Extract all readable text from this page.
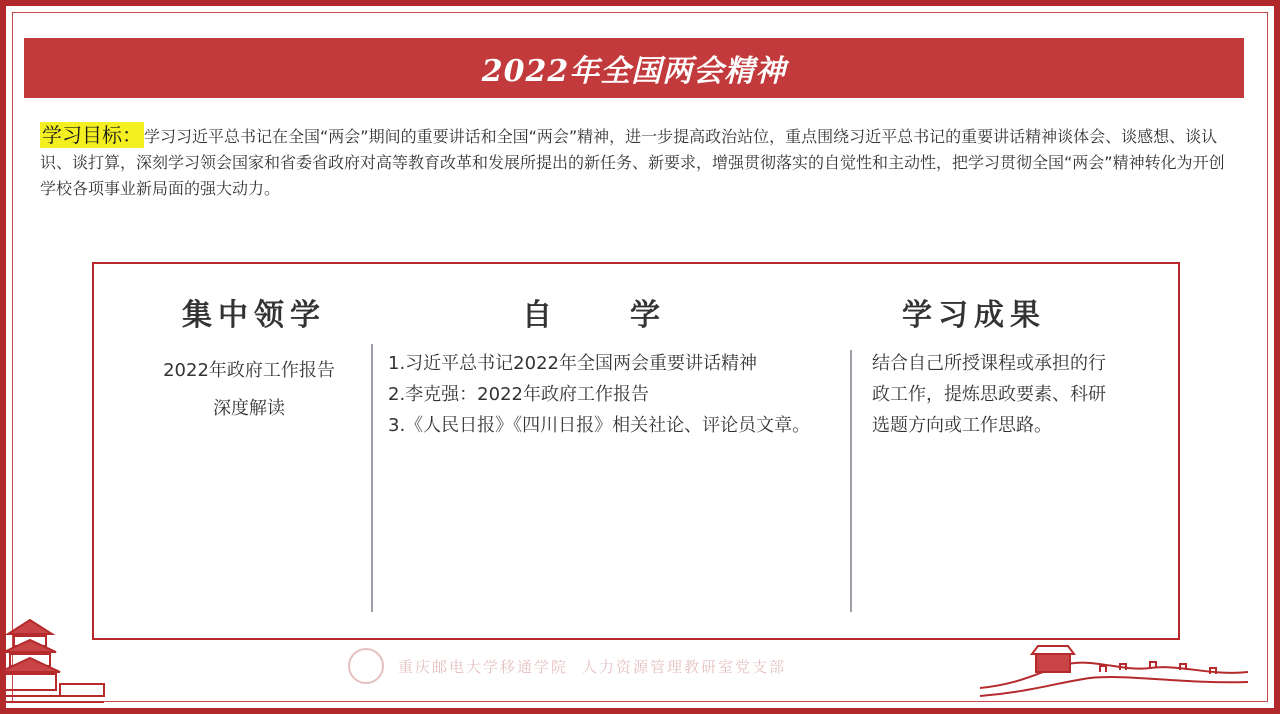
2022年全国两会精神
学习目标： 学习习近平总书记在全国“两会”期间的重要讲话和全国“两会”精神，进一步提高政治站位，重点围绕习近平总书记的重要讲话精神谈体会、谈感想、谈认识、谈打算，深刻学习领会国家和省委省政府对高等教育改革和发展所提出的新任务、新要求，增强贯彻落实的自觉性和主动性，把学习贯彻全国“两会”精神转化为开创学校各项事业新局面的强大动力。
集中领学	自　　学	学习成果
2022年政府工作报告
深度解读
1.习近平总书记2022年全国两会重要讲话精神
2.李克强：2022年政府工作报告
3.《人民日报》《四川日报》相关社论、评论员文章。
结合自己所授课程或承担的行政工作，提炼思政要素、科研选题方向或工作思路。
重庆邮电大学移通学院 人力资源管理教研室党支部
